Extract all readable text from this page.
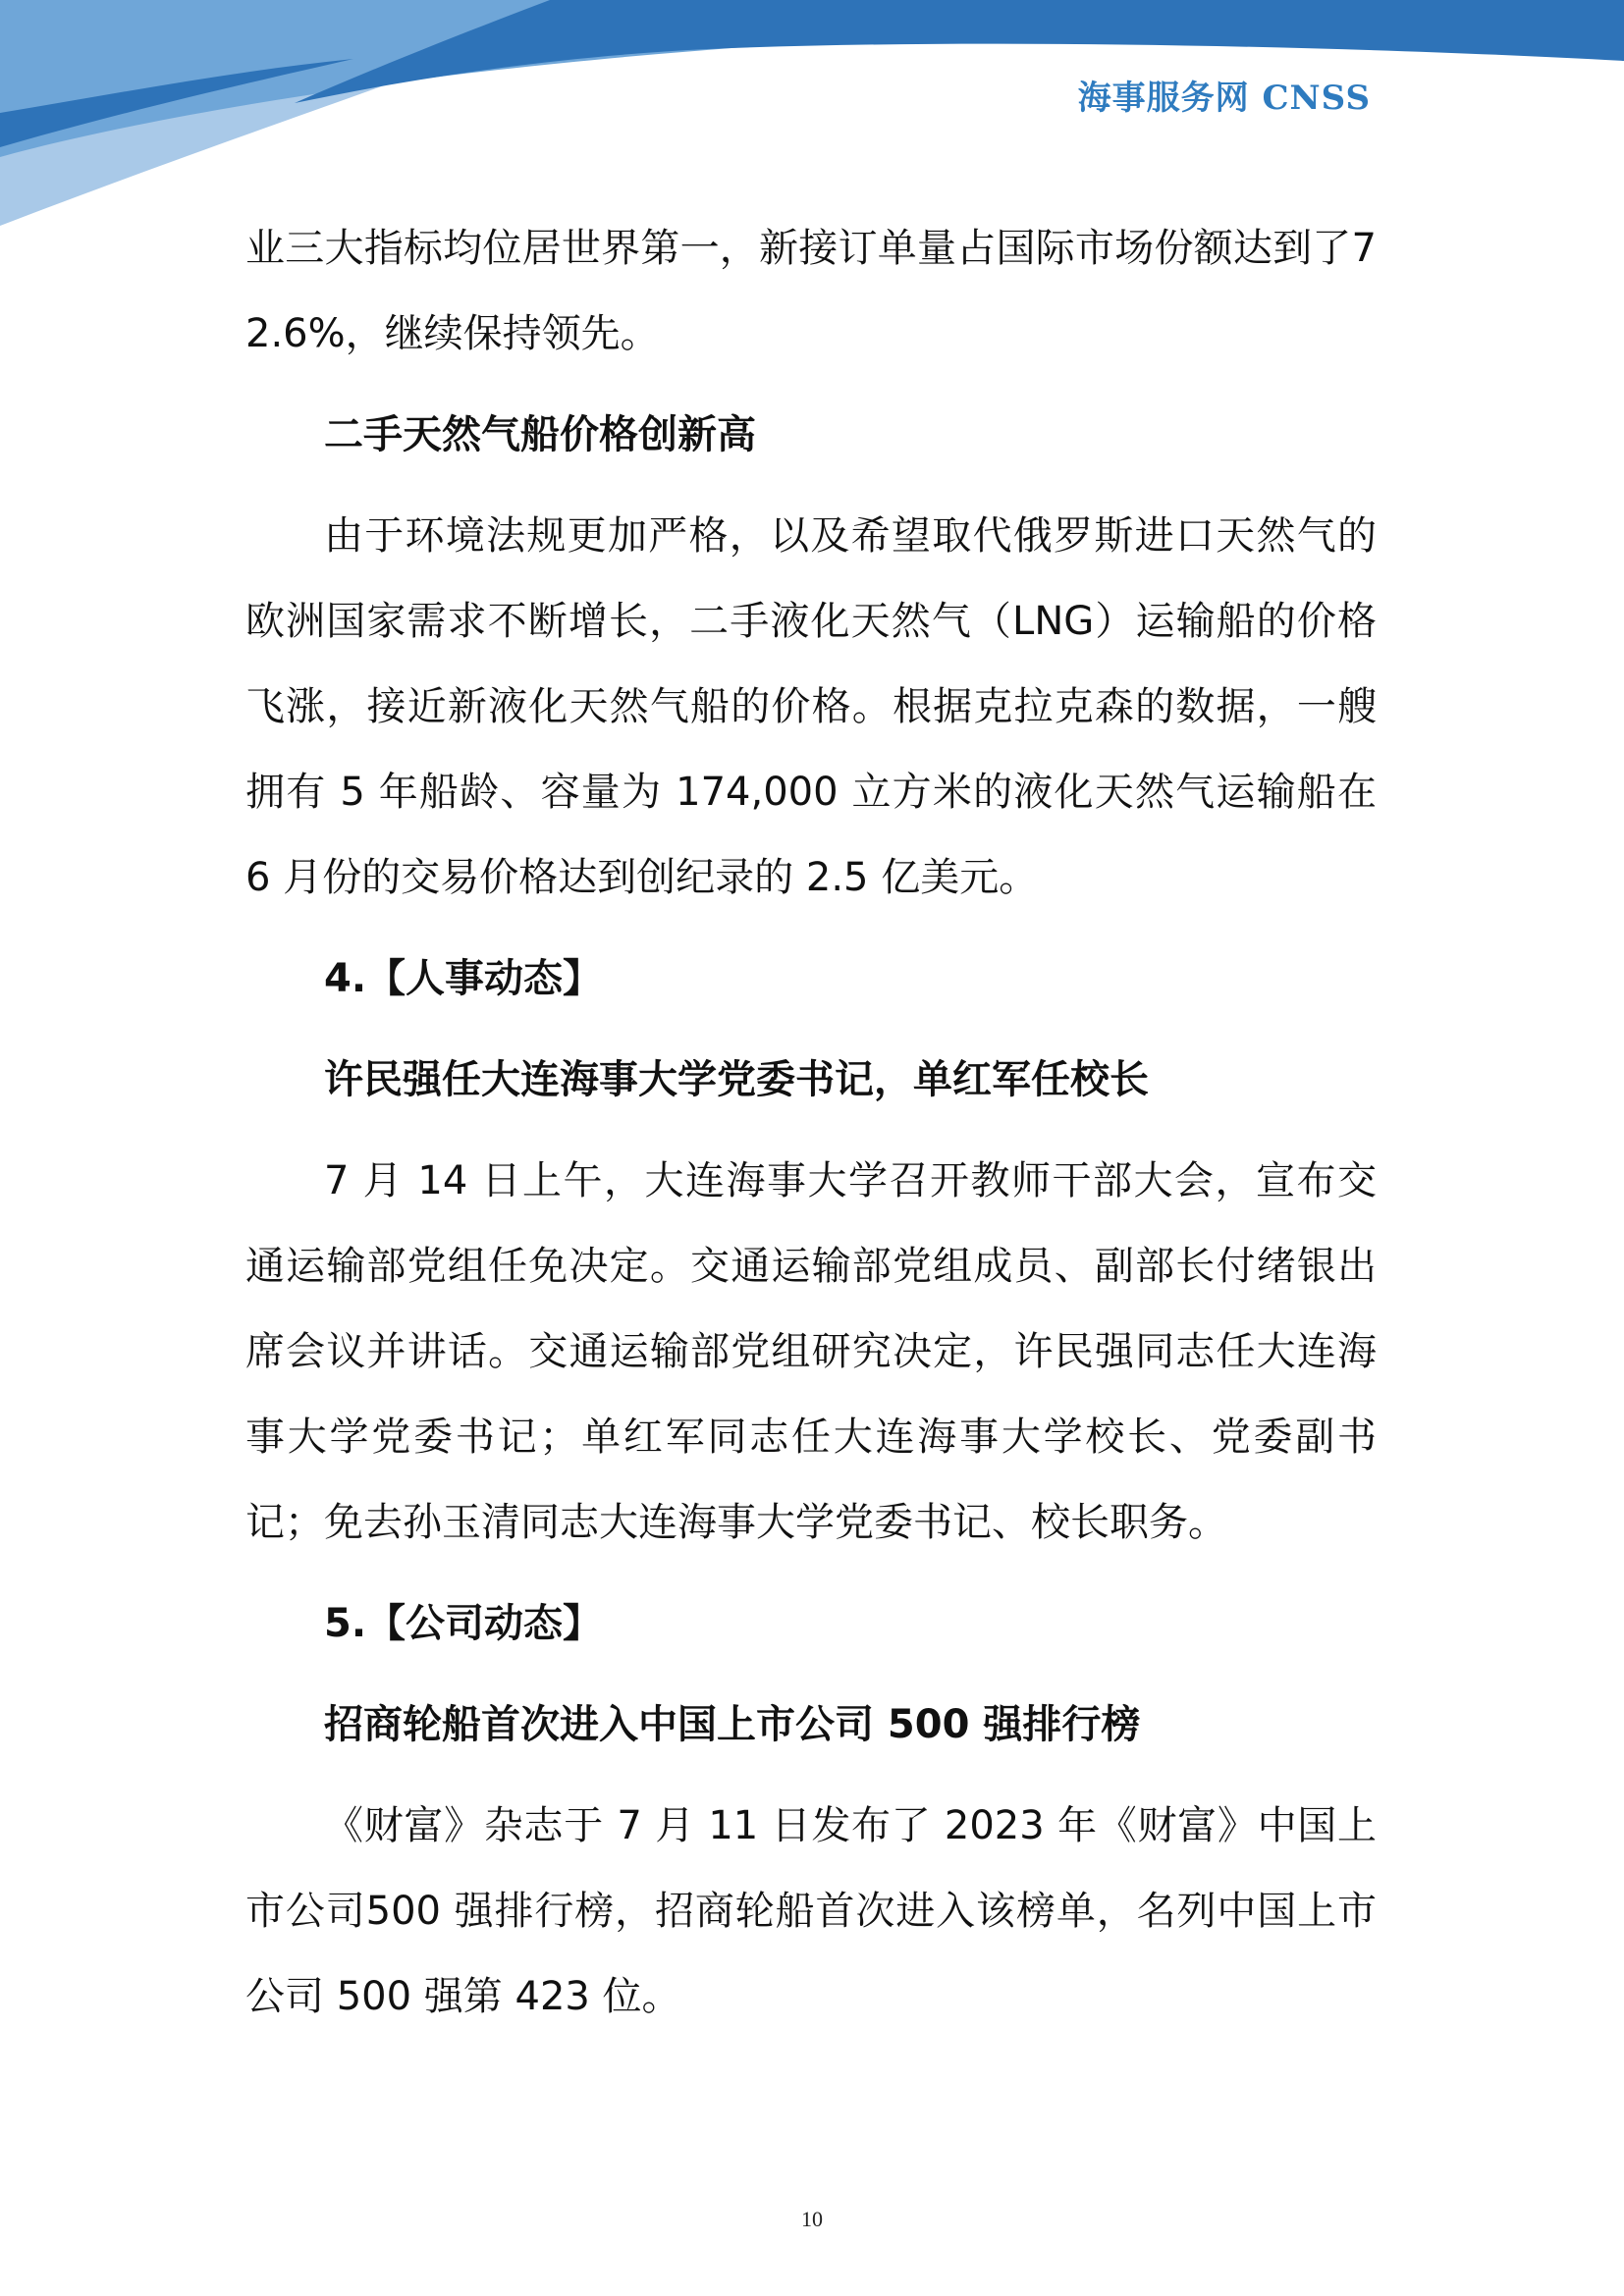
海事服务网 CNSS

业三大指标均位居世界第一，新接订单量占国际市场份额达到了72.6%，继续保持领先。

二手天然气船价格创新高

由于环境法规更加严格，以及希望取代俄罗斯进口天然气的欧洲国家需求不断增长，二手液化天然气（LNG）运输船的价格飞涨，接近新液化天然气船的价格。根据克拉克森的数据，一艘拥有 5 年船龄、容量为 174,000 立方米的液化天然气运输船在 6 月份的交易价格达到创纪录的 2.5 亿美元。

4.【人事动态】

许民强任大连海事大学党委书记，单红军任校长

7 月 14 日上午，大连海事大学召开教师干部大会，宣布交通运输部党组任免决定。交通运输部党组成员、副部长付绪银出席会议并讲话。交通运输部党组研究决定，许民强同志任大连海事大学党委书记；单红军同志任大连海事大学校长、党委副书记；免去孙玉清同志大连海事大学党委书记、校长职务。

5.【公司动态】

招商轮船首次进入中国上市公司 500 强排行榜

《财富》杂志于 7 月 11 日发布了 2023 年《财富》中国上市公司500 强排行榜，招商轮船首次进入该榜单，名列中国上市公司 500 强第 423 位。

10
